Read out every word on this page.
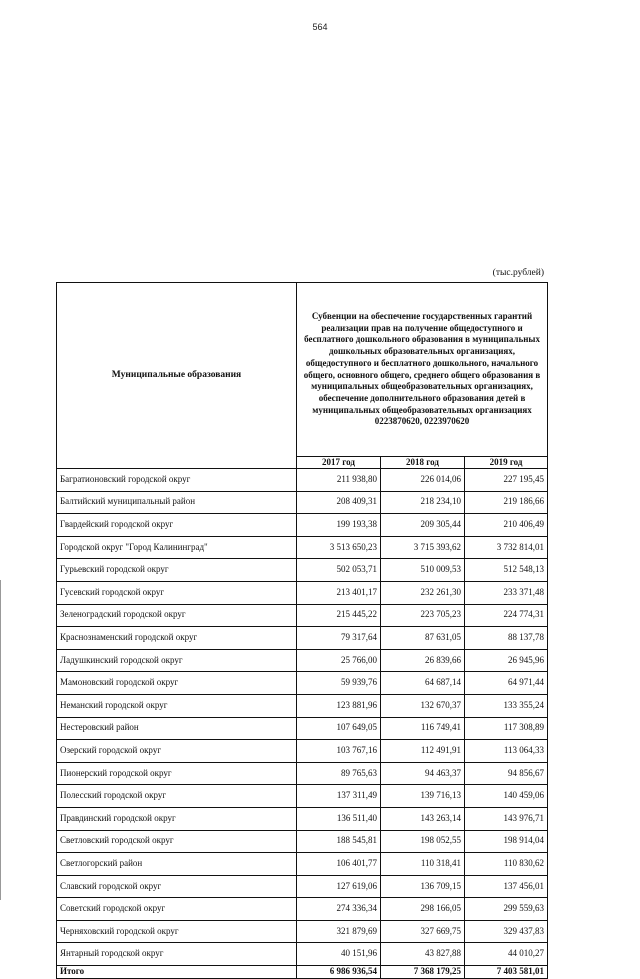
564
(тыс.рублей)
Муниципальные образования	Субвенции на обеспечение государственных гарантий реализации прав на получение общедоступного и бесплатного дошкольного образования в муниципальных дошкольных образовательных организациях, общедоступного и бесплатного дошкольного, начального общего, основного общего, среднего общего образования в муниципальных общеобразовательных организациях, обеспечение дополнительного образования детей в муниципальных общеобразовательных организациях 0223870620, 0223970620		
	2017 год	2018 год	2019 год
Багратионовский городской округ	211 938,80	226 014,06	227 195,45
Балтийский муниципальный район	208 409,31	218 234,10	219 186,66
Гвардейский городской округ	199 193,38	209 305,44	210 406,49
Городской округ "Город Калининград"	3 513 650,23	3 715 393,62	3 732 814,01
Гурьевский городской округ	502 053,71	510 009,53	512 548,13
Гусевский городской округ	213 401,17	232 261,30	233 371,48
Зеленоградский городской округ	215 445,22	223 705,23	224 774,31
Краснознаменский городской округ	79 317,64	87 631,05	88 137,78
Ладушкинский городской округ	25 766,00	26 839,66	26 945,96
Мамоновский городской округ	59 939,76	64 687,14	64 971,44
Неманский городской округ	123 881,96	132 670,37	133 355,24
Нестеровский район	107 649,05	116 749,41	117 308,89
Озерский городской округ	103 767,16	112 491,91	113 064,33
Пионерский городской округ	89 765,63	94 463,37	94 856,67
Полесский городской округ	137 311,49	139 716,13	140 459,06
Правдинский городской округ	136 511,40	143 263,14	143 976,71
Светловский городской округ	188 545,81	198 052,55	198 914,04
Светлогорский район	106 401,77	110 318,41	110 830,62
Славский городской округ	127 619,06	136 709,15	137 456,01
Советский городской округ	274 336,34	298 166,05	299 559,63
Черняховский городской округ	321 879,69	327 669,75	329 437,83
Янтарный городской округ	40 151,96	43 827,88	44 010,27
Итого	6 986 936,54	7 368 179,25	7 403 581,01
